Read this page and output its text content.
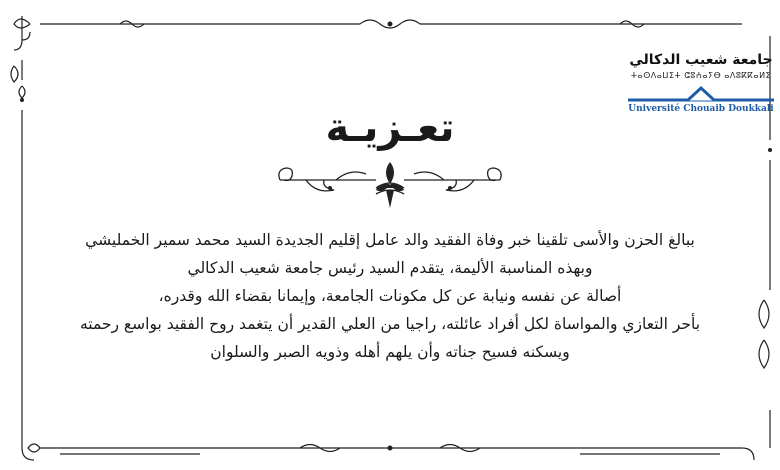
جامعة شعيب الدكالي
ⵜⴰⵙⴷⴰⵡⵉⵜ ⵛⵓⵄⴰⵢⴱ ⴰⴷⵓⴽⴽⴰⵍⵉ
Université Chouaib Doukkali
تعـزيـة

ببالغ الحزن والأسى تلقينا خبر وفاة الفقيد والد عامل إقليم الجديدة السيد محمد سمير الخمليشي

وبهذه المناسبة الأليمة، يتقدم السيد رئيس جامعة شعيب الدكالي

أصالة عن نفسه ونيابة عن كل مكونات الجامعة، وإيمانا بقضاء الله وقدره،

بأحر التعازي والمواساة لكل أفراد عائلته، راجيا من العلي القدير أن يتغمد روح الفقيد بواسع رحمته

ويسكنه فسيح جناته وأن يلهم أهله وذويه الصبر والسلوان
